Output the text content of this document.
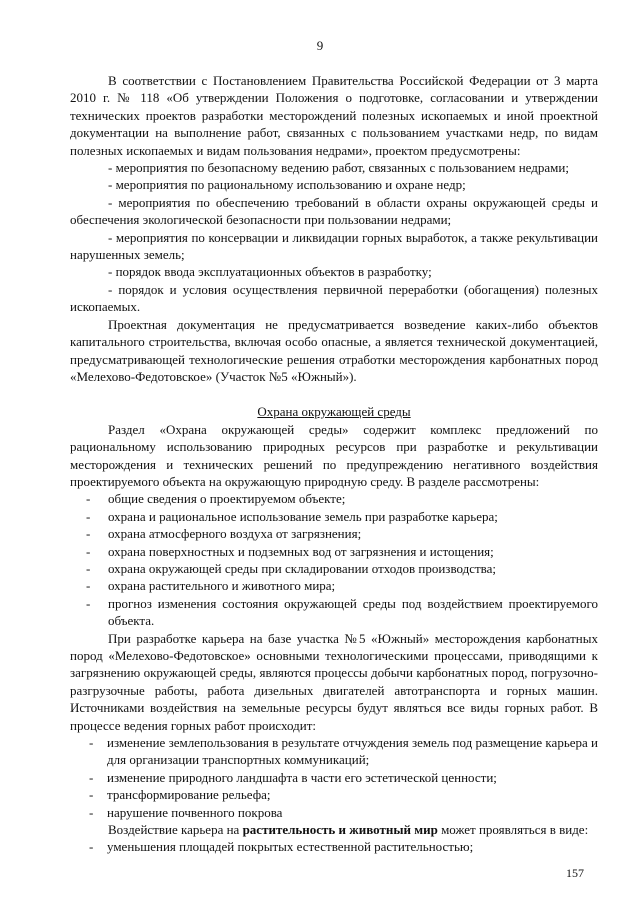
9

В соответствии с Постановлением Правительства Российской Федерации от 3 марта 2010 г. № 118 «Об утверждении Положения о подготовке, согласовании и утверждении технических проектов разработки месторождений полезных ископаемых и иной проектной документации на выполнение работ, связанных с пользованием участками недр, по видам полезных ископаемых и видам пользования недрами», проектом предусмотрены:

- мероприятия по безопасному ведению работ, связанных с пользованием недрами;

- мероприятия по рациональному использованию и охране недр;

- мероприятия по обеспечению требований в области охраны окружающей среды и обеспечения экологической безопасности при пользовании недрами;

- мероприятия по консервации и ликвидации горных выработок, а также рекультивации нарушенных земель;

- порядок ввода эксплуатационных объектов в разработку;

- порядок и условия осуществления первичной переработки (обогащения) полезных ископаемых.

Проектная документация не предусматривается возведение каких-либо объектов капитального строительства, включая особо опасные, а является технической документацией, предусматривающей технологические решения отработки месторождения карбонатных пород «Мелехово-Федотовское» (Участок №5 «Южный»).

Охрана окружающей среды

Раздел «Охрана окружающей среды» содержит комплекс предложений по рациональному использованию природных ресурсов при разработке и рекультивации месторождения и технических решений по предупреждению негативного воздействия проектируемого объекта на окружающую природную среду. В разделе рассмотрены:

- общие сведения о проектируемом объекте;
- охрана и рациональное использование земель при разработке карьера;
- охрана атмосферного воздуха от загрязнения;
- охрана поверхностных и подземных вод от загрязнения и истощения;
- охрана окружающей среды при складировании отходов производства;
- охрана растительного и животного мира;
- прогноз изменения состояния окружающей среды под воздействием проектируемого объекта.

При разработке карьера на базе участка №5 «Южный» месторождения карбонатных пород «Мелехово-Федотовское» основными технологическими процессами, приводящими к загрязнению окружающей среды, являются процессы добычи карбонатных пород, погрузочно-разгрузочные работы, работа дизельных двигателей автотранспорта и горных машин. Источниками воздействия на земельные ресурсы будут являться все виды горных работ. В процессе ведения горных работ происходит:

- изменение землепользования в результате отчуждения земель под размещение карьера и для организации транспортных коммуникаций;
- изменение природного ландшафта в части его эстетической ценности;
- трансформирование рельефа;
- нарушение почвенного покрова

Воздействие карьера на растительность и животный мир может проявляться в виде:

- уменьшения площадей покрытых естественной растительностью;
157
